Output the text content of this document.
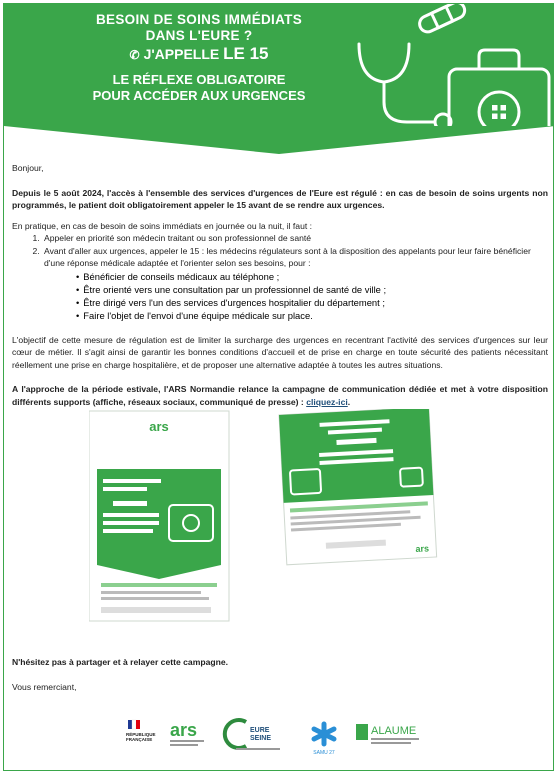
BESOIN DE SOINS IMMÉDIATS
DANS L'EURE ?
✆ J'APPELLE LE 15
LE RÉFLEXE OBLIGATOIRE
POUR ACCÉDER AUX URGENCES

Bonjour,

Depuis le 5 août 2024, l'accès à l'ensemble des services d'urgences de l'Eure est régulé : en cas de besoin de soins urgents non programmés, le patient doit obligatoirement appeler le 15 avant de se rendre aux urgences.

En pratique, en cas de besoin de soins immédiats en journée ou la nuit, il faut :

1. Appeler en priorité son médecin traitant ou son professionnel de santé
2. Avant d'aller aux urgences, appeler le 15 : les médecins régulateurs sont à la disposition des appelants pour leur faire bénéficier d'une réponse médicale adaptée et l'orienter selon ses besoins, pour :
• Bénéficier de conseils médicaux au téléphone ;
• Être orienté vers une consultation par un professionnel de santé de ville ;
• Être dirigé vers l'un des services d'urgences hospitalier du département ;
• Faire l'objet de l'envoi d'une équipe médicale sur place.

L'objectif de cette mesure de régulation est de limiter la surcharge des urgences en recentrant l'activité des services d'urgences sur leur cœur de métier. Il s'agit ainsi de garantir les bonnes conditions d'accueil et de prise en charge en toute sécurité des patients nécessitant réellement une prise en charge hospitalière, et de proposer une alternative adaptée à toutes les autres situations.

A l'approche de la période estivale, l'ARS Normandie relance la campagne de communication dédiée et met à votre disposition différents supports (affiche, réseaux sociaux, communiqué de presse) : cliquez-ici.

ars
ars

N'hésitez pas à partager et à relayer cette campagne.

Vous remerciant,

RÉPUBLIQUE
FRANÇAISE ars	EURE
SEINE
SAMU 27
ALAUME
